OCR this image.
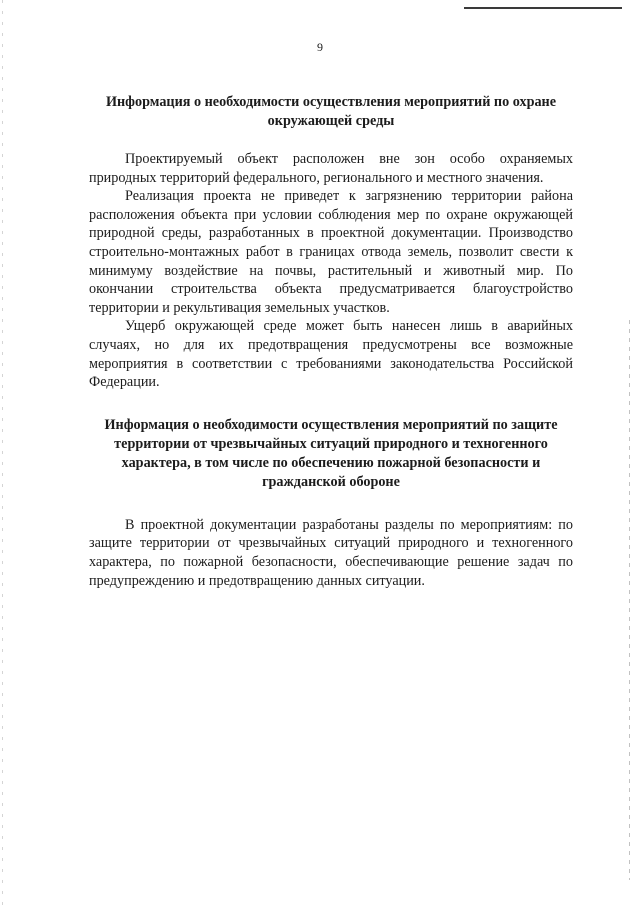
9
Информация о необходимости осуществления мероприятий по охране окружающей среды

Проектируемый объект расположен вне зон особо охраняемых природных территорий федерального, регионального и местного значения.

Реализация проекта не приведет к загрязнению территории района расположения объекта при условии соблюдения мер по охране окружающей природной среды, разработанных в проектной документации. Производство строительно-монтажных работ в границах отвода земель, позволит свести к минимуму воздействие на почвы, растительный и животный мир. По окончании строительства объекта предусматривается благоустройство территории и рекультивация земельных участков.

Ущерб окружающей среде может быть нанесен лишь в аварийных случаях, но для их предотвращения предусмотрены все возможные мероприятия в соответствии с требованиями законодательства Российской Федерации.

Информация о необходимости осуществления мероприятий по защите территории от чрезвычайных ситуаций природного и техногенного характера, в том числе по обеспечению пожарной безопасности и гражданской обороне

В проектной документации разработаны разделы по мероприятиям: по защите территории от чрезвычайных ситуаций природного и техногенного характера, по пожарной безопасности, обеспечивающие решение задач по предупреждению и предотвращению данных ситуации.
